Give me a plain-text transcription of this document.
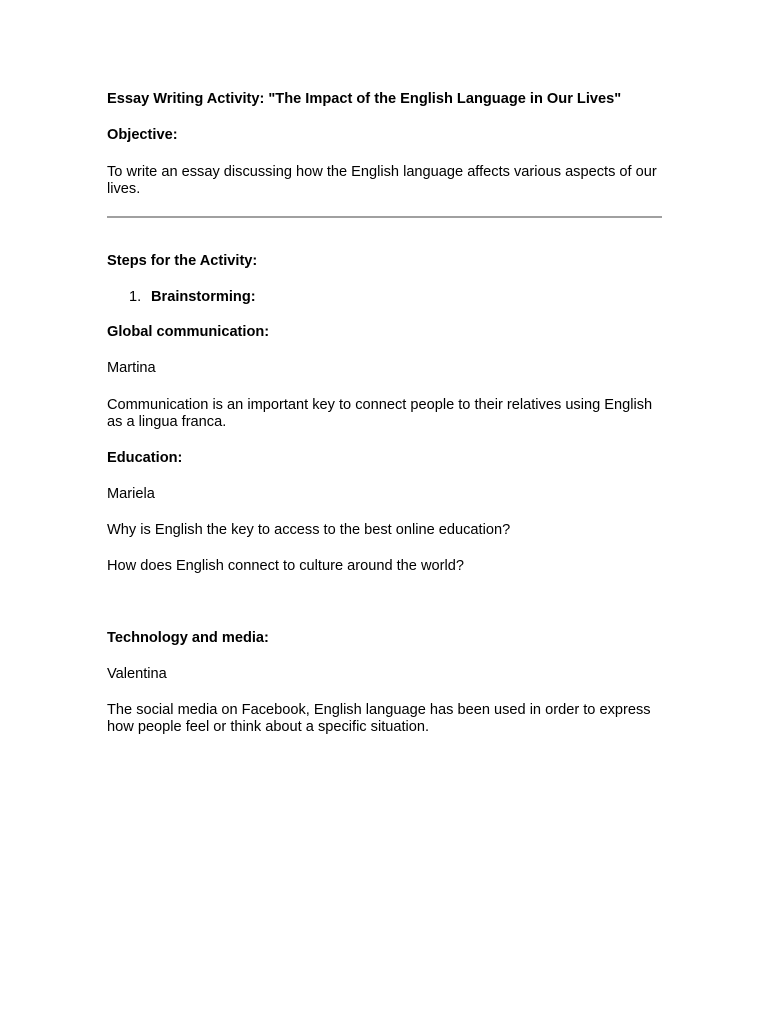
Essay Writing Activity: "The Impact of the English Language in Our Lives"

Objective:

To write an essay discussing how the English language affects various aspects of our lives.

Steps for the Activity:

1. Brainstorming:

Global communication:

Martina

Communication is an important key to connect people to their relatives using English as a lingua franca.

Education:

Mariela

Why is English the key to access to the best online education?

How does English connect to culture around the world?

Technology and media:

Valentina

The social media on Facebook, English language has been used in order to express how people feel or think about a specific situation.
